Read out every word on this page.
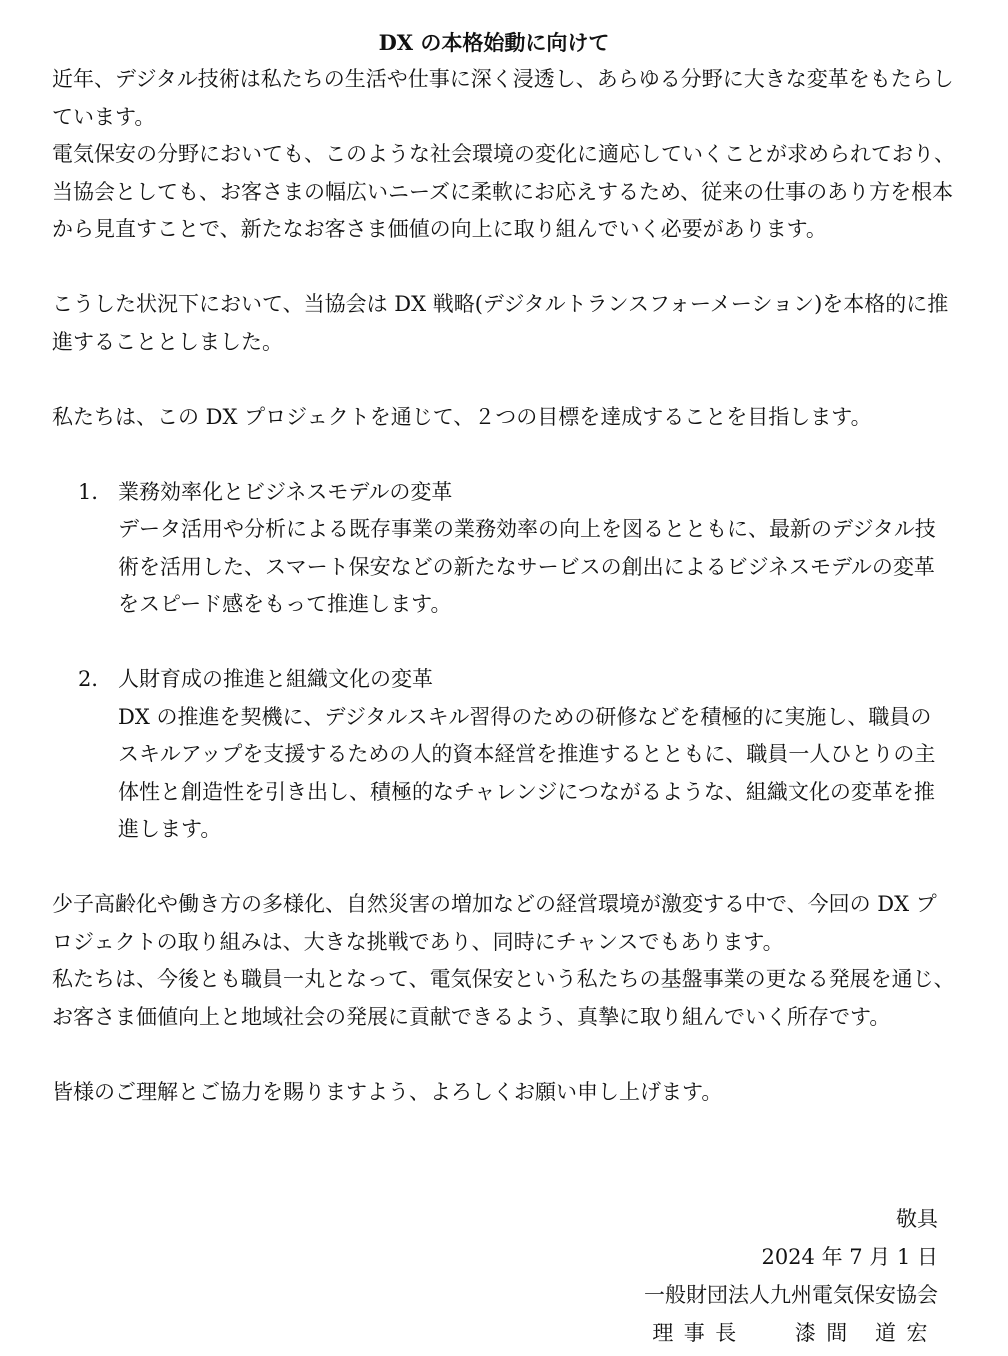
DX の本格始動に向けて

近年、デジタル技術は私たちの生活や仕事に深く浸透し、あらゆる分野に大きな変革をもたらしています。

電気保安の分野においても、このような社会環境の変化に適応していくことが求められており、当協会としても、お客さまの幅広いニーズに柔軟にお応えするため、従来の仕事のあり方を根本から見直すことで、新たなお客さま価値の向上に取り組んでいく必要があります。

こうした状況下において、当協会は DX 戦略(デジタルトランスフォーメーション)を本格的に推進することとしました。

私たちは、この DX プロジェクトを通じて、２つの目標を達成することを目指します。

1． 業務効率化とビジネスモデルの変革
データ活用や分析による既存事業の業務効率の向上を図るとともに、最新のデジタル技術を活用した、スマート保安などの新たなサービスの創出によるビジネスモデルの変革をスピード感をもって推進します。
2． 人財育成の推進と組織文化の変革
DX の推進を契機に、デジタルスキル習得のための研修などを積極的に実施し、職員のスキルアップを支援するための人的資本経営を推進するとともに、職員一人ひとりの主体性と創造性を引き出し、積極的なチャレンジにつながるような、組織文化の変革を推進します。

少子高齢化や働き方の多様化、自然災害の増加などの経営環境が激変する中で、今回の DX プロジェクトの取り組みは、大きな挑戦であり、同時にチャンスでもあります。

私たちは、今後とも職員一丸となって、電気保安という私たちの基盤事業の更なる発展を通じ、お客さま価値向上と地域社会の発展に貢献できるよう、真摯に取り組んでいく所存です。

皆様のご理解とご協力を賜りますよう、よろしくお願い申し上げます。

敬具
2024 年 7 月 1 日
一般財団法人九州電気保安協会
理事長 漆間 道宏
